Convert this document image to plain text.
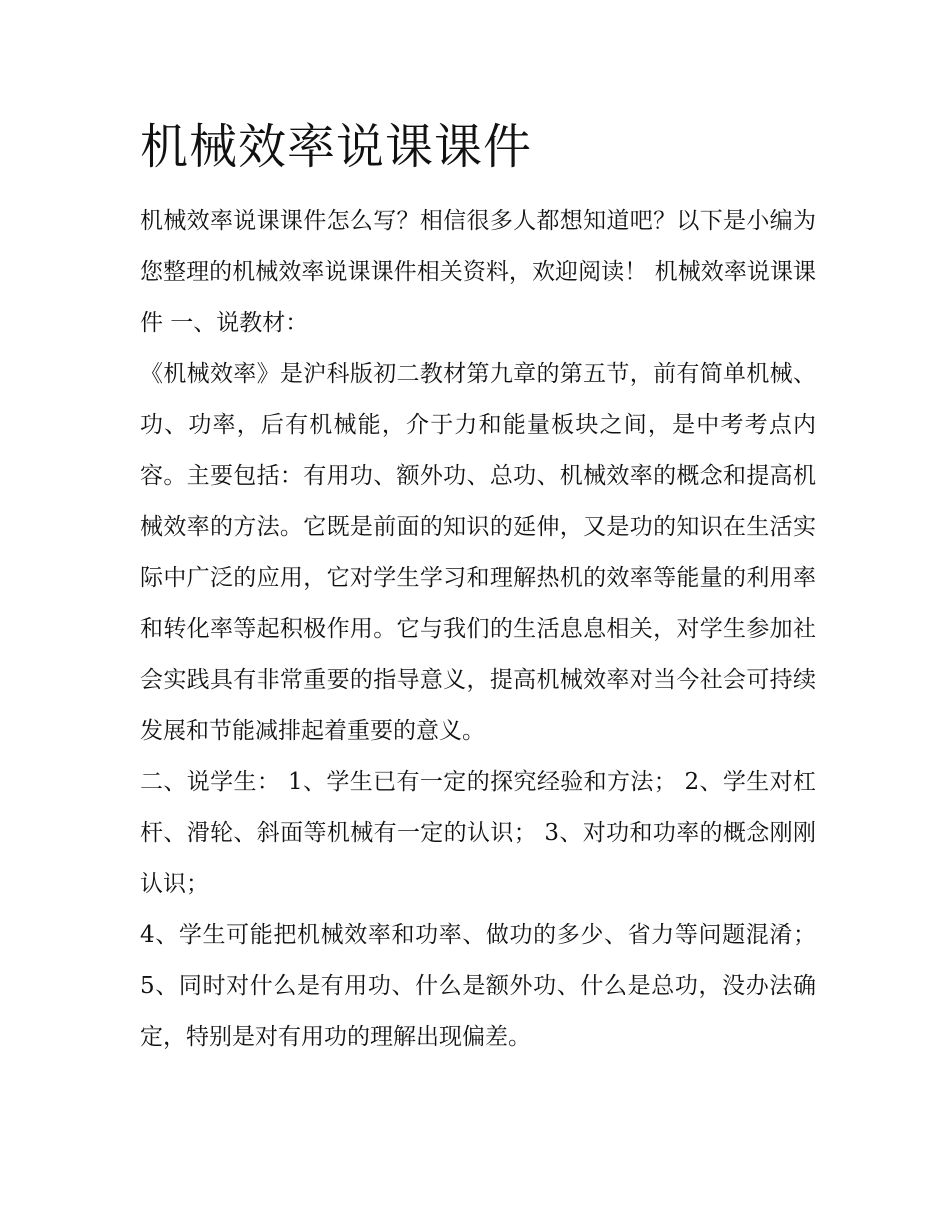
机械效率说课课件

机械效率说课课件怎么写？相信很多人都想知道吧？以下是小编为您整理的机械效率说课课件相关资料，欢迎阅读！ 机械效率说课课件 一、说教材：

《机械效率》是沪科版初二教材第九章的第五节，前有简单机械、功、功率，后有机械能，介于力和能量板块之间，是中考考点内容。主要包括：有用功、额外功、总功、机械效率的概念和提高机械效率的方法。它既是前面的知识的延伸，又是功的知识在生活实际中广泛的应用，它对学生学习和理解热机的效率等能量的利用率和转化率等起积极作用。它与我们的生活息息相关，对学生参加社会实践具有非常重要的指导意义，提高机械效率对当今社会可持续发展和节能减排起着重要的意义。

二、说学生： 1、学生已有一定的探究经验和方法； 2、学生对杠杆、滑轮、斜面等机械有一定的认识； 3、对功和功率的概念刚刚认识；

4、学生可能把机械效率和功率、做功的多少、省力等问题混淆； 5、同时对什么是有用功、什么是额外功、什么是总功，没办法确定，特别是对有用功的理解出现偏差。
